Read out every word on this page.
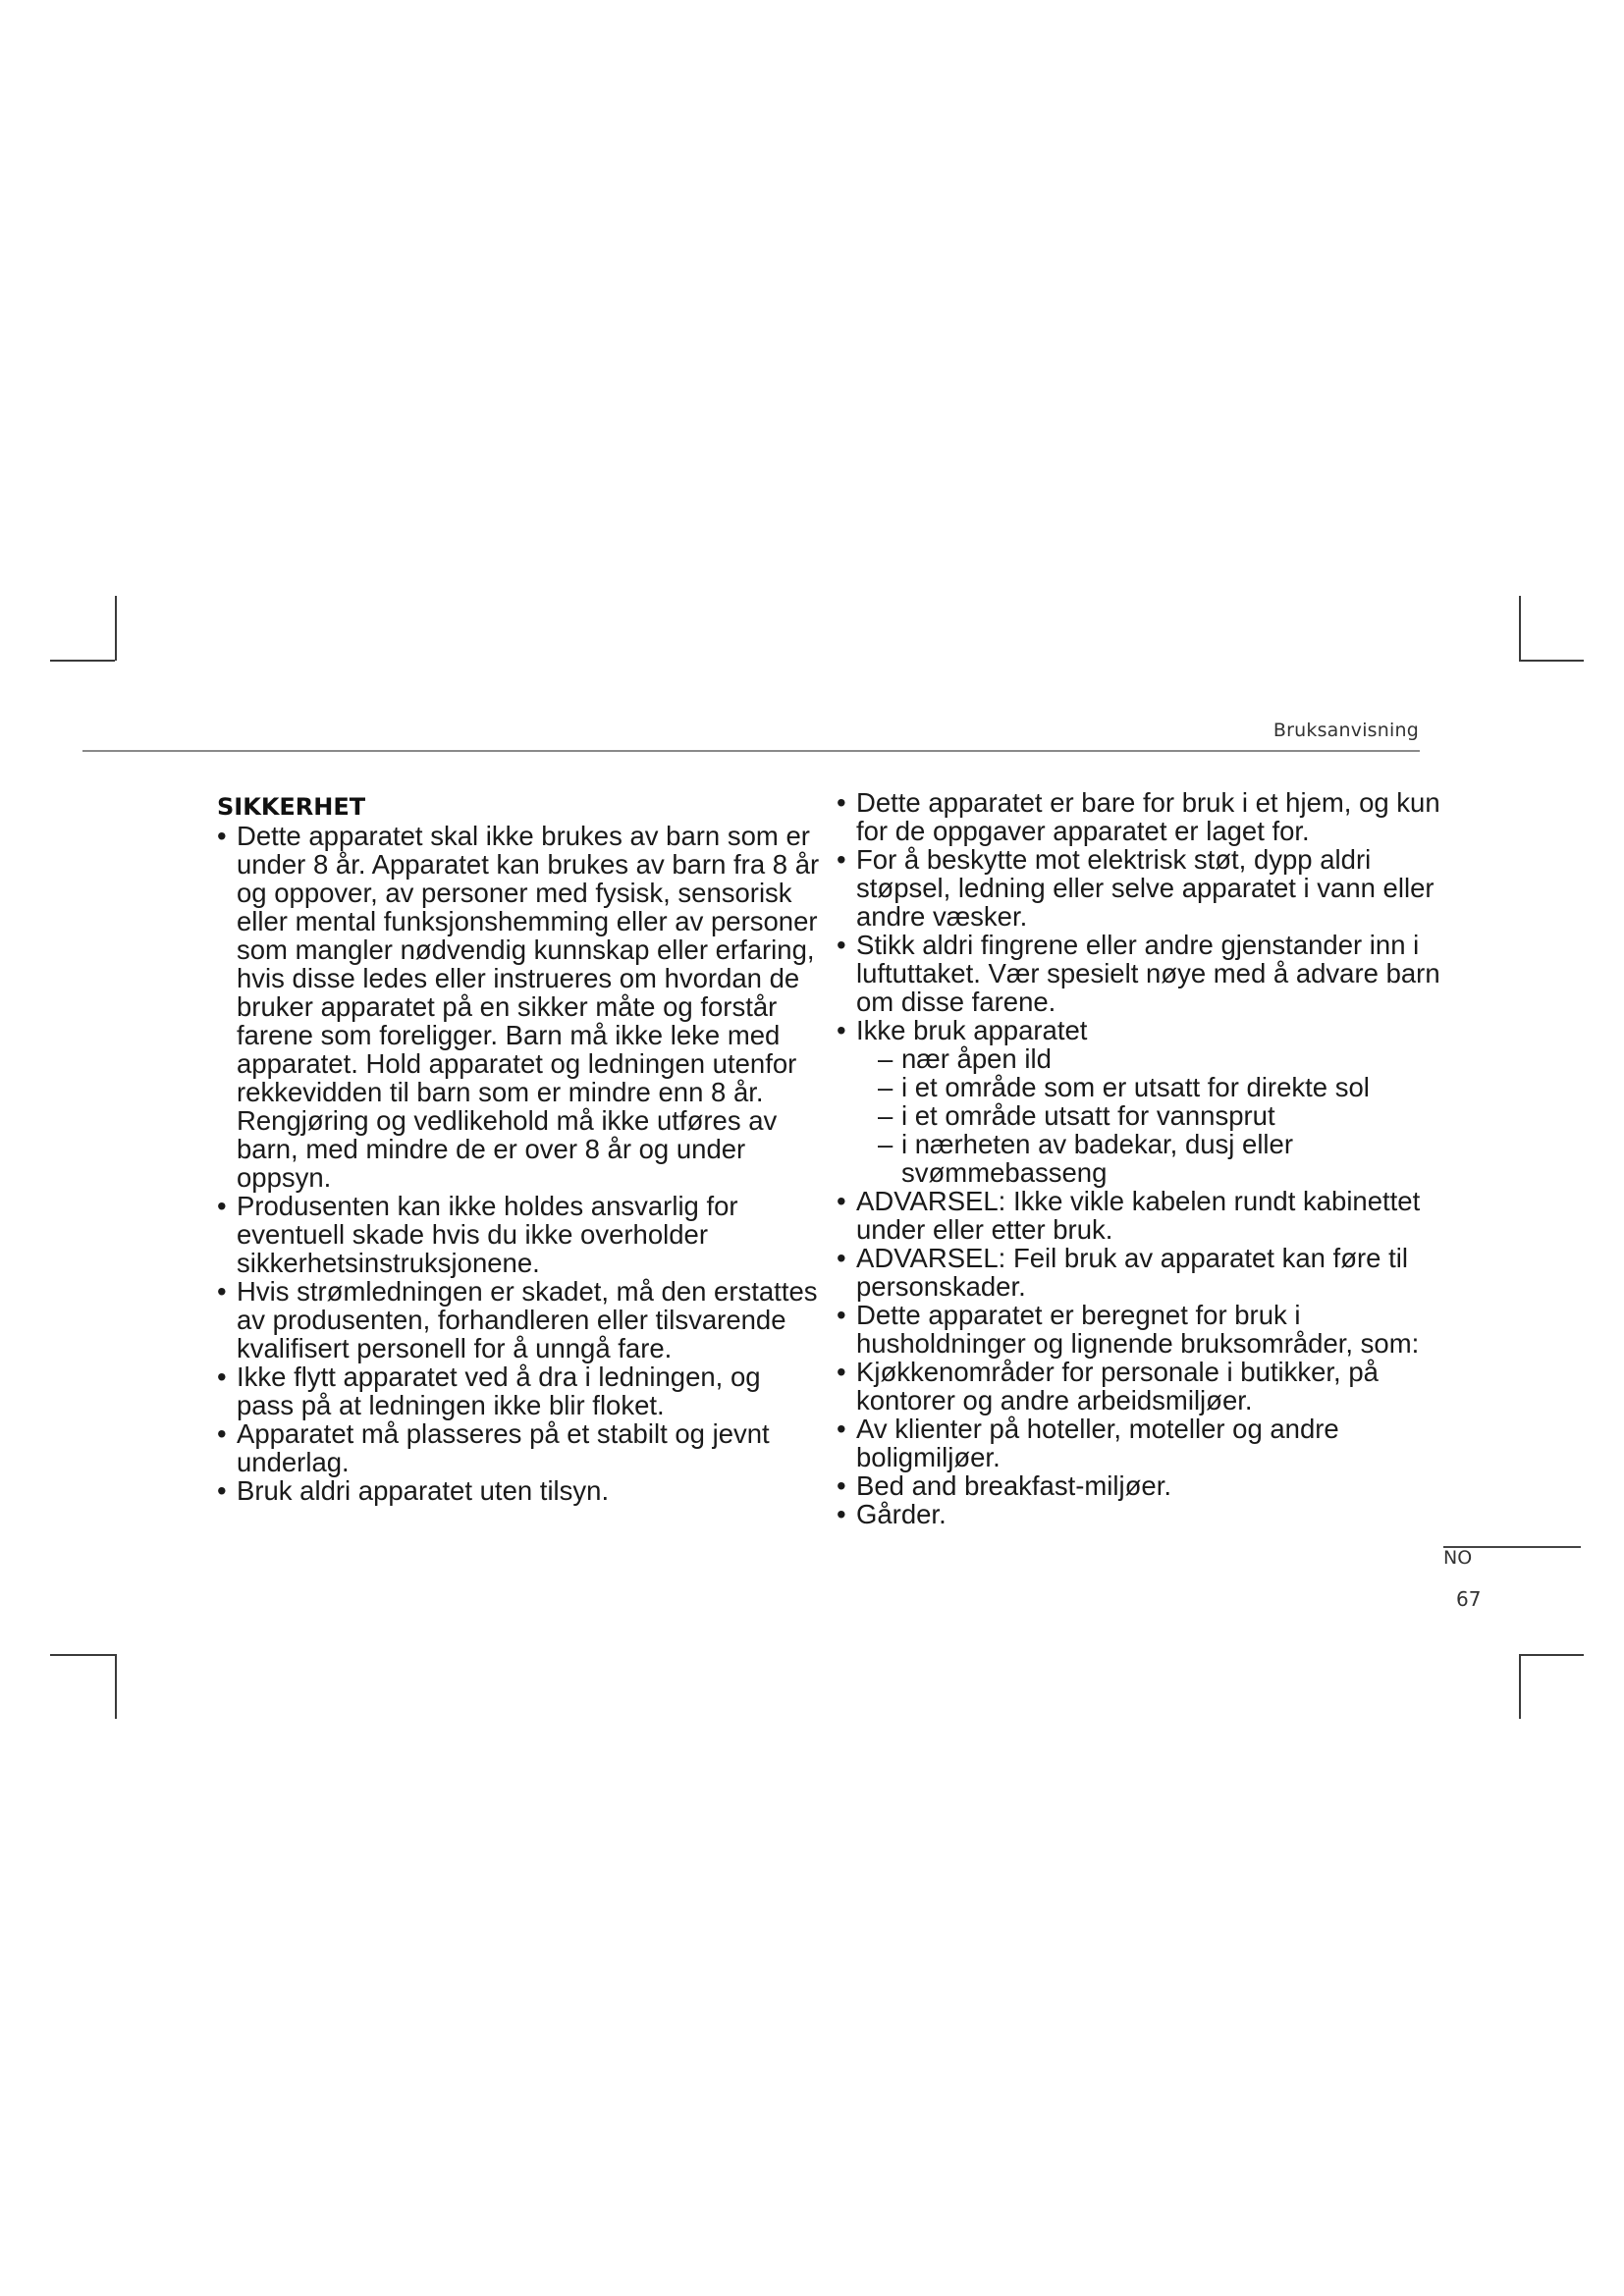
Bruksanvisning
SIKKERHET
• Dette apparatet skal ikke brukes av barn som er under 8 år. Apparatet kan brukes av barn fra 8 år og oppover, av personer med fysisk, sensorisk eller mental funksjonshemming eller av personer som mangler nødvendig kunnskap eller erfaring, hvis disse ledes eller instrueres om hvordan de bruker apparatet på en sikker måte og forstår farene som foreligger. Barn må ikke leke med apparatet. Hold apparatet og ledningen utenfor rekkevidden til barn som er mindre enn 8 år. Rengjøring og vedlikehold må ikke utføres av barn, med mindre de er over 8 år og under oppsyn.
• Produsenten kan ikke holdes ansvarlig for eventuell skade hvis du ikke overholder sikkerhetsinstruksjonene.
• Hvis strømledningen er skadet, må den erstattes av produsenten, forhandleren eller tilsvarende kvalifisert personell for å unngå fare.
• Ikke flytt apparatet ved å dra i ledningen, og pass på at ledningen ikke blir floket.
• Apparatet må plasseres på et stabilt og jevnt underlag.
• Bruk aldri apparatet uten tilsyn.
• Dette apparatet er bare for bruk i et hjem, og kun for de oppgaver apparatet er laget for.
• For å beskytte mot elektrisk støt, dypp aldri støpsel, ledning eller selve apparatet i vann eller andre væsker.
• Stikk aldri fingrene eller andre gjenstander inn i luftuttaket. Vær spesielt nøye med å advare barn om disse farene.
• Ikke bruk apparatet
– nær åpen ild
– i et område som er utsatt for direkte sol
– i et område utsatt for vannsprut
– i nærheten av badekar, dusj eller svømmebasseng
• ADVARSEL: Ikke vikle kabelen rundt kabinettet under eller etter bruk.
• ADVARSEL: Feil bruk av apparatet kan føre til personskader.
• Dette apparatet er beregnet for bruk i husholdninger og lignende bruksområder, som:
• Kjøkkenområder for personale i butikker, på kontorer og andre arbeidsmiljøer.
• Av klienter på hoteller, moteller og andre boligmiljøer.
• Bed and breakfast-miljøer.
• Gårder.
NO
67
